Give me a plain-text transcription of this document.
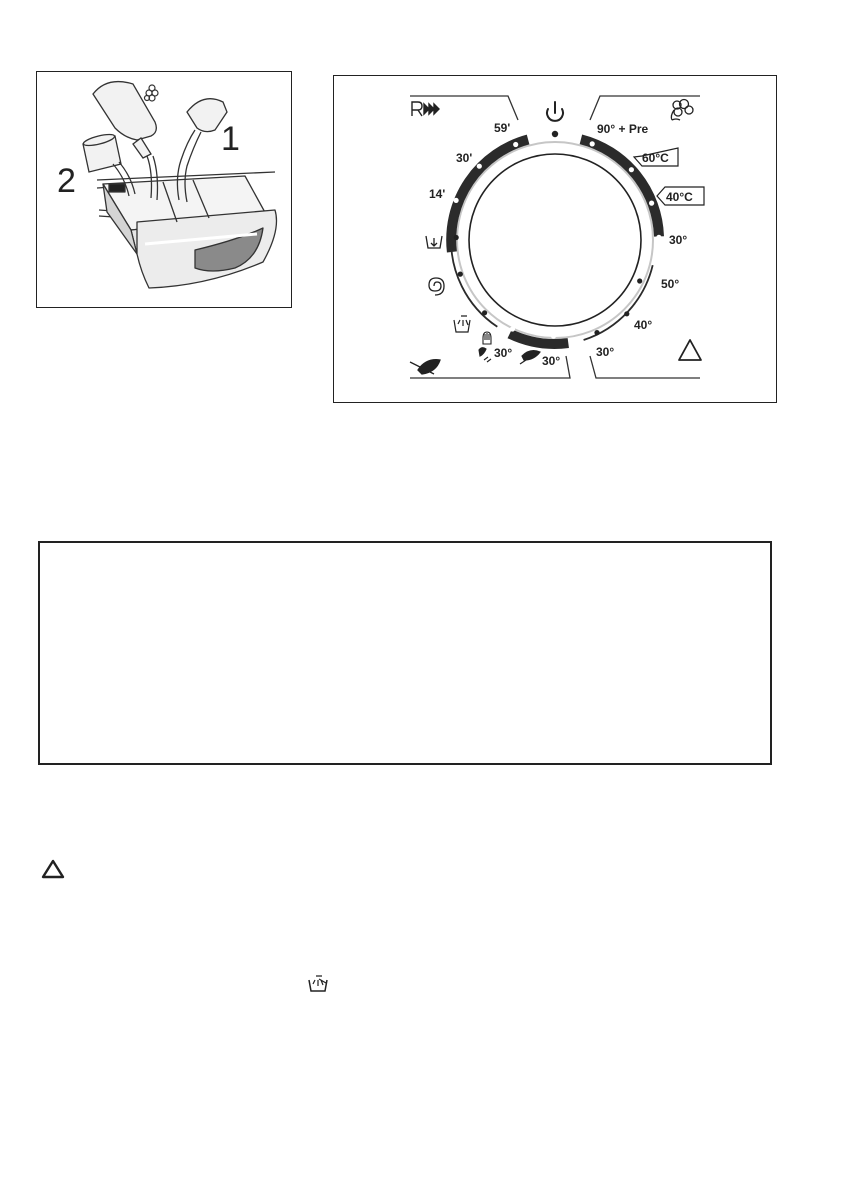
1
2	14'
30'
59'	90° + Pre
60°C
40°C
30°
50°
40°
30°
30°
30°
